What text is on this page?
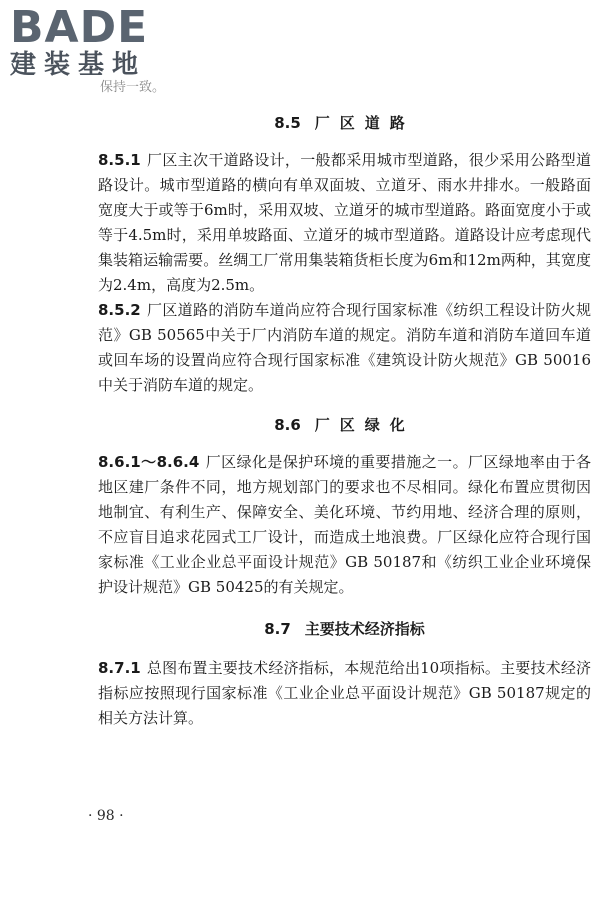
BADE
建装基地
保持一致。
8.5 厂区道路

8.5.1 厂区主次干道路设计，一般都采用城市型道路，很少采用公路型道路设计。城市型道路的横向有单双面坡、立道牙、雨水井排水。一般路面宽度大于或等于6m时，采用双坡、立道牙的城市型道路。路面宽度小于或等于4.5m时，采用单坡路面、立道牙的城市型道路。道路设计应考虑现代集装箱运输需要。丝绸工厂常用集装箱货柜长度为6m和12m两种，其宽度为2.4m，高度为2.5m。

8.5.2 厂区道路的消防车道尚应符合现行国家标准《纺织工程设计防火规范》GB 50565中关于厂内消防车道的规定。消防车道和消防车道回车道或回车场的设置尚应符合现行国家标准《建筑设计防火规范》GB 50016中关于消防车道的规定。

8.6 厂区绿化

8.6.1～8.6.4 厂区绿化是保护环境的重要措施之一。厂区绿地率由于各地区建厂条件不同，地方规划部门的要求也不尽相同。绿化布置应贯彻因地制宜、有利生产、保障安全、美化环境、节约用地、经济合理的原则，不应盲目追求花园式工厂设计，而造成土地浪费。厂区绿化应符合现行国家标准《工业企业总平面设计规范》GB 50187和《纺织工业企业环境保护设计规范》GB 50425的有关规定。

8.7 主要技术经济指标

8.7.1 总图布置主要技术经济指标，本规范给出10项指标。主要技术经济指标应按照现行国家标准《工业企业总平面设计规范》GB 50187规定的相关方法计算。

· 98 ·
